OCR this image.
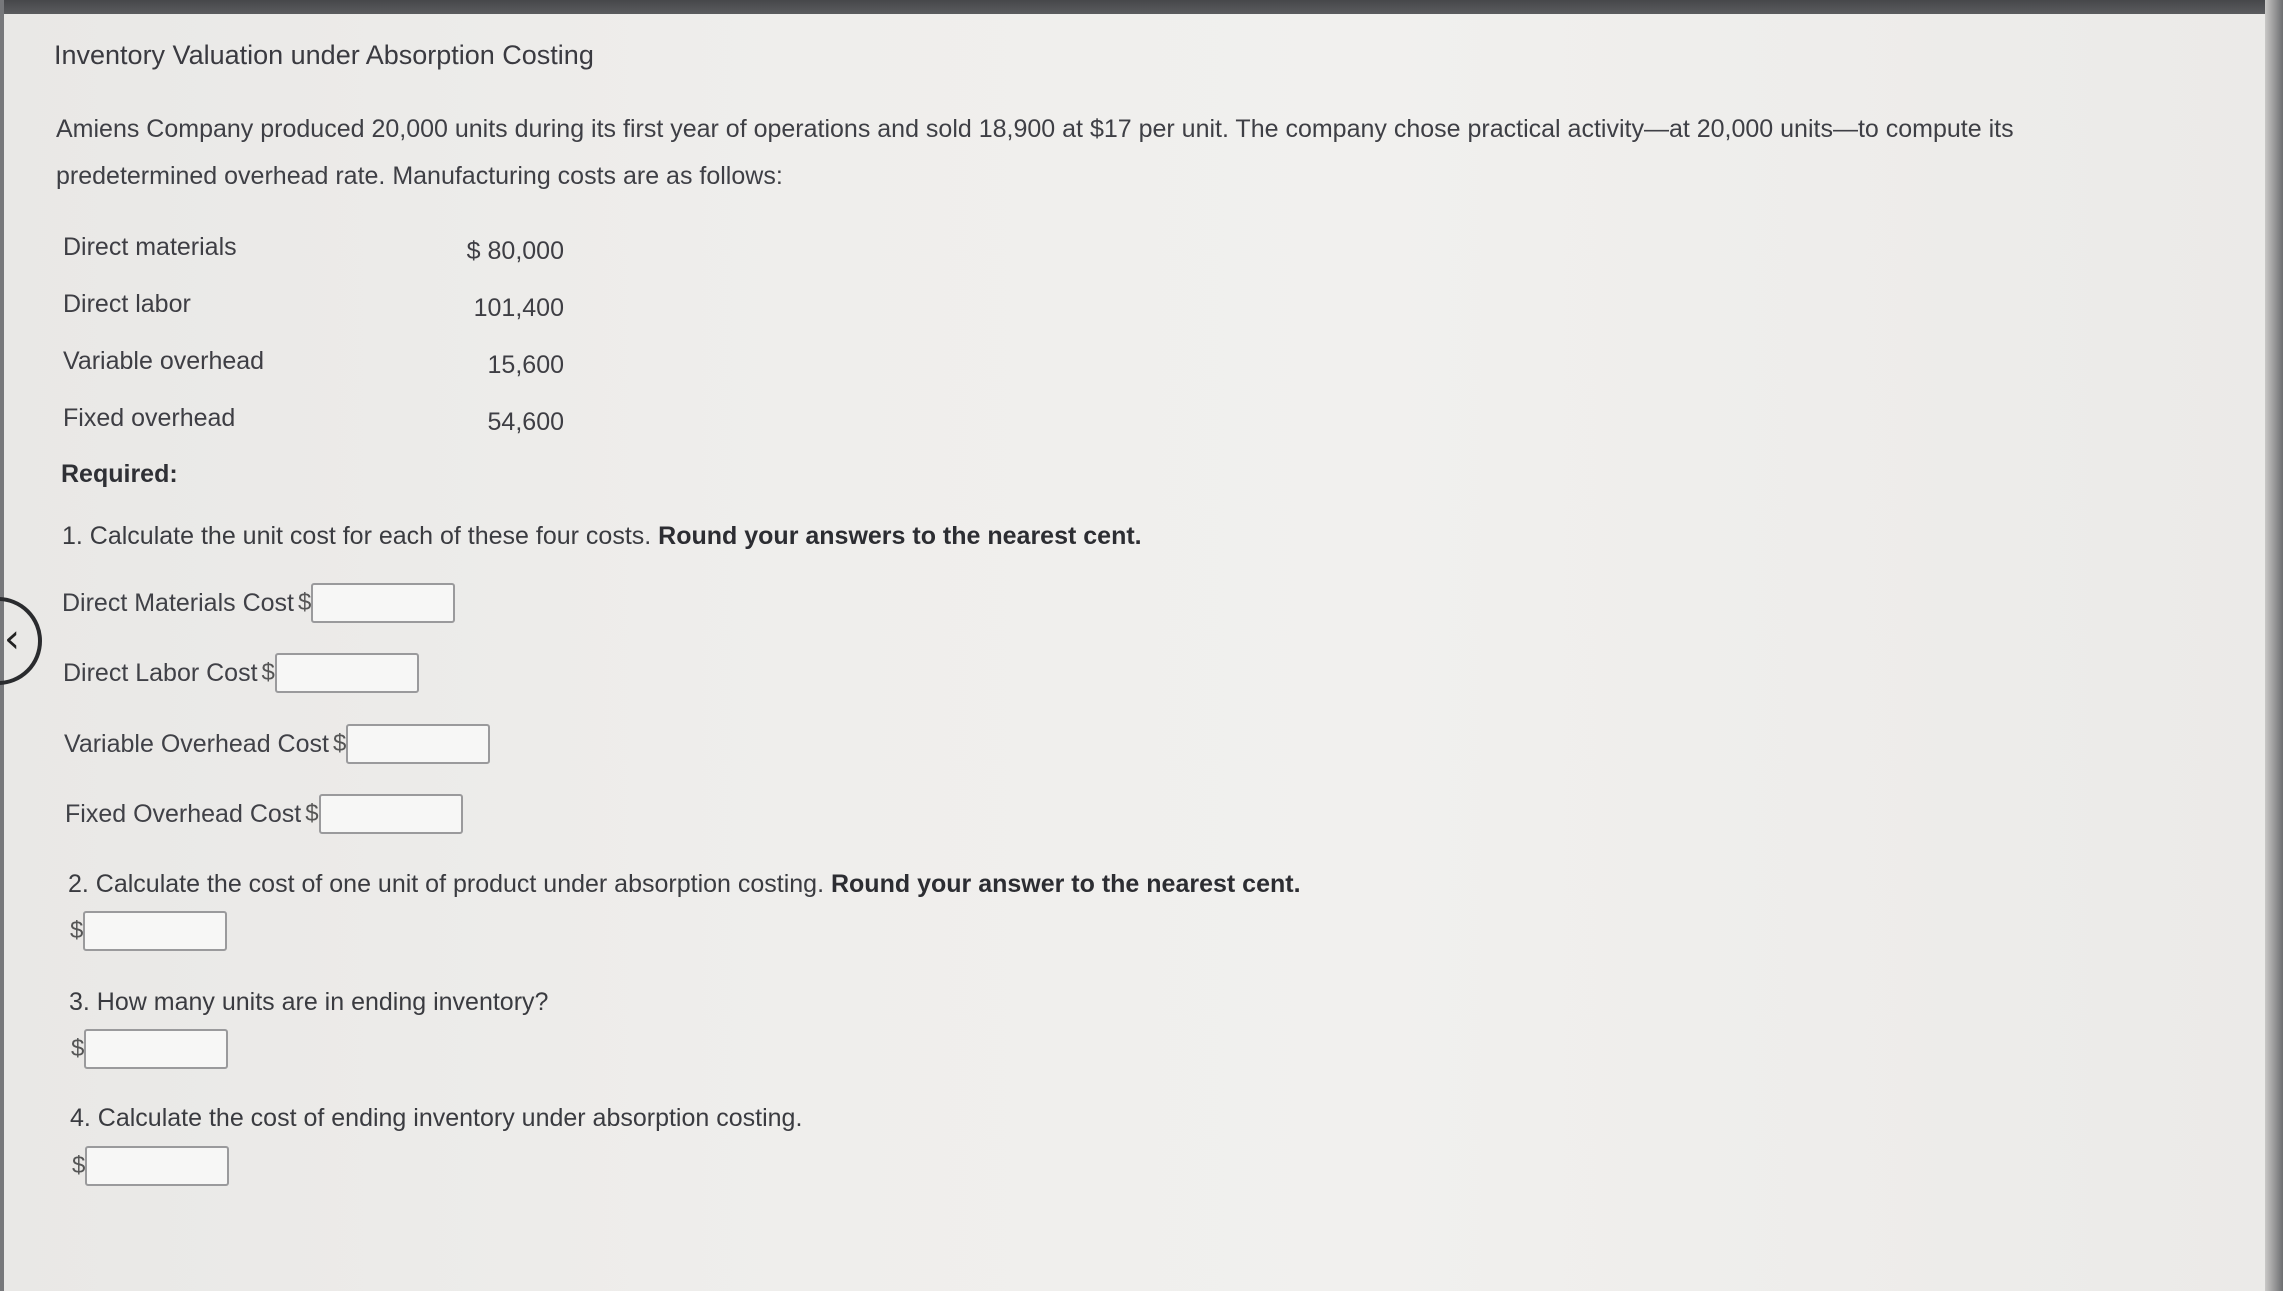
Inventory Valuation under Absorption Costing
Amiens Company produced 20,000 units during its first year of operations and sold 18,900 at $17 per unit. The company chose practical activity—at 20,000 units—to compute its
predetermined overhead rate. Manufacturing costs are as follows:
Direct materials	$ 80,000
Direct labor	101,400
Variable overhead	15,600
Fixed overhead	54,600
Required:
1. Calculate the unit cost for each of these four costs. Round your answers to the nearest cent.
Direct Materials Cost $
Direct Labor Cost $
Variable Overhead Cost $
Fixed Overhead Cost $
2. Calculate the cost of one unit of product under absorption costing. Round your answer to the nearest cent.
$
3. How many units are in ending inventory?
$
4. Calculate the cost of ending inventory under absorption costing.
$
‹
